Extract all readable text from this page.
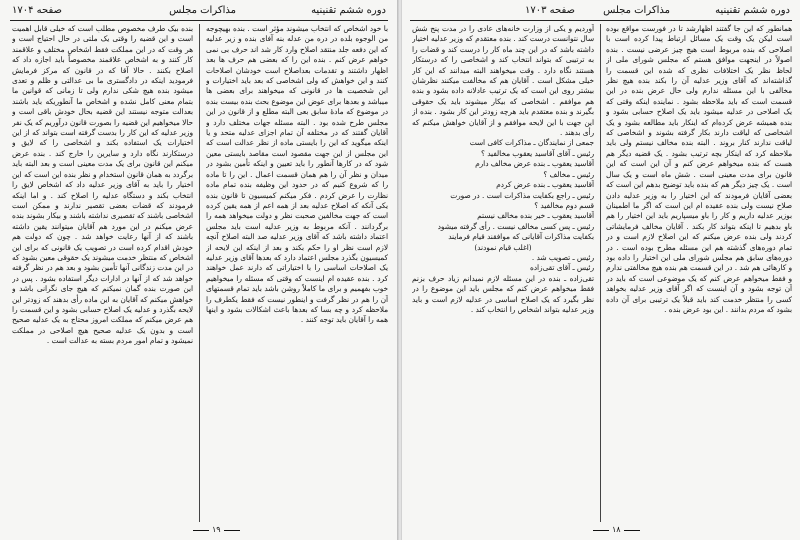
دوره ششم تقنینیه
مذاکرات مجلس
صفحه ۱۷۰۴

با خود اشخاص که انتخاب میشوند مؤثر است . بنده بهیچوجه من الوجوه بلده در دره من عدله بنه آفای بنده و زیر عدلیه که این دفعه جلد منتقد اصلاح وارد کار شد اند حرف بی نمی خواهم عرض کنم . بنده این را که بعضی هم حرف ها بعد اظهار داشتند و تقدمات بعداصلاح است خودشان اصلاحات کنند و این خواهش که ولی اشخاصی که بعد باید اختیارات و این شخصیت ها در قانونی که میخواهند برای بعضی ها میباشد و بعدها برای عوض این موضوع بحث بنده بیست بنده در موضوع که مادهٔ سابق بعی البته مطلع و از قانون در این مجلس طرح شده بود . البته مسئله جهات مختلف دارد و آقایان گفتند که در مختلفه آن تمام اجزای عدلیه متحد و یا اینکه میگوید که این را بایستی ماده از نظر عدالت است که این مجلس از این جهت مقصود است مقاصد بایستی معین شود که در کارها آنطور را باید تعیین و اینکه تأمین بشود در میدان و نظر آن را هم همان قسمت اعمال . این را تا ماده را که شروع کنیم که در حدود این وظیفه بنده تمام ماده نظارت را عرض کردم . فکر میکنم کمیسیون تا قانون بنده یکی آنکه که اصلاح عدلیه بعد از همه اعم از همه یقین کرده است که جهت مخالفین صحبت نظر و دولت میخواهد همه را برگردانند . آنکه مربوط به وزیر عدلیه است باید مجلس اعتماد داشته باشد که آقای وزیر عدلیه صد البته اصلاح آنچه لازم است نظر او را حکم بکند و بعد از اینکه این لایحه از کمیسیون بگذرد مجلس اعتماد دارد که بعدها آقای وزیر عدلیه یک اصلاحات اساسی را با اختیاراتی که دارند عمل خواهند کرد . بنده عقیده ام اینست که وقتی که مسئله را میخواهیم خوب بفهمیم و برای ما کاملاً روشن باشد باید تمام قسمتهای آن را هم در نظر گرفت و اینطور نیست که فقط یکطرف را ملاحظه کرد و چه بسا که بعدها باعث اشکالات بشود و اینها همه را آقایان باید توجه کنند .

بنده بیک طرف مخصوص مطلب است که خیلی قابل اهمیت است و این قضیه را وقتی یک ملتی در حال احتیاج است و هر وقت که در این مملکت فقط اشخاص مختلف و علاقمند کار کنند و به اشخاص علاقمند مخصوصاً باید اجازه داد که اصلاح بکنند . حالا آقا که در قانون که مرکز فرمایش فرمودید اینکه در دادگستری ما بی عدالتی و ظلم و تعدی میشود بنده هیچ شکی ندارم ولی تا زمانی که قوانین ما بتمام معنی کامل نشده و اشخاص ما آنطوریکه باید باشند بعدالت متوجه نیستند این قضیه بحال خودش باقی است و حالا میخواهیم این قضیه را بصورت قانون درآوریم که یک نفر وزیر عدلیه که این کار را بدست گرفته است بتواند که از این اختیارات یک استفاده بکند و اشخاصی را که لایق و درستکارند نگاه دارد و سایرین را خارج کند . بنده عرض میکنم این قانون برای یک مدت معینی است و بعد البته باید برگردد به همان قانون استخدام و نظر بنده این است که این اختیار را باید به آقای وزیر عدلیه داد که اشخاص لایق را انتخاب بکند و دستگاه عدلیه را اصلاح کند . و اما اینکه فرمودند که قضات بعضی تقصیر ندارند و ممکن است اشخاصی باشند که تقصیری نداشته باشند و بیکار بشوند بنده عرض میکنم در این مورد هم آقایان میتوانند یقین داشته باشند که از آنها رعایت خواهد شد . چون که دولت هم خودش اقدام کرده است در تصویب یک قانونی که برای این اشخاص که منتظر خدمت میشوند یک حقوقی معین بشود که در این مدت زندگانی آنها تأمین بشود و بعد هم در نظر گرفته خواهد شد که از آنها در ادارات دیگر استفاده بشود . پس در این صورت بنده گمان نمیکنم که هیچ جای نگرانی باشد و خواهش میکنم که آقایان به این ماده رأی بدهند که زودتر این لایحه بگذرد و عدلیه یک اصلاح حسابی بشود و این قسمت را هم عرض میکنم که مملکت امروز محتاج به یک عدلیه صحیح است و بدون یک عدلیه صحیح هیچ اصلاحی در مملکت نمیشود و تمام امور مردم بسته به عدالت است .

۱۹
دوره ششم تقنینیه
مذاکرات مجلس
صفحه ۱۷۰۳

همانطور که این جا گفتند اظهارشد تا در فورست مواقع بوده است لیکن یک وقت یک مسائل ارتباط پیدا کرده است با اصلاحی که بنده مربوط است هیچ چیز عرضی نیست . بنده اصولاً در اینجهت موافق هستم که مجلس شورای ملی از لحاظ نظر یک اختلافات نظری که شده این قسمت را گذاشته‌اند که آقای وزیر عدلیه آن را بکند بنده هیچ نظر مخالفی با این مسئله ندارم ولی حال عرض بنده در این قسمت است که باید ملاحظه بشود . نماینده اینکه وقتی که یک اصلاحی در عدلیه میشود باید یک اصلاح حسابی بشود و بنده همیشه عرض کرده‌ام که اینکار باید مطالعه بشود و یک اشخاصی که لیاقت دارند بکار گرفته بشوند و اشخاصی که لیاقت ندارند کنار بروند . البته بنده مخالف نیستم ولی باید ملاحظه کرد که اینکار بچه ترتیب بشود . یک قضیه دیگر هم هست که بنده میخواهم عرض کنم و آن این است که این قانون برای مدت معینی است . شش ماه است و یک سال است . یک چیز دیگر هم که بنده باید توضیح بدهم این است که بعضی آقایان فرمودند که این اختیار را به وزیر عدلیه دادن صلاح نیست ولی بنده عقیده ام این است که اگر ما اطمینان بوزیر عدلیه داریم و کار را باو میسپاریم باید این اختیار را هم باو بدهیم تا اینکه بتواند کار بکند . آقایان مخالف فرمایشاتی کردند ولی بنده عرض میکنم که این اصلاح لازم است و در تمام دوره‌های گذشته هم این مسئله مطرح بوده است . در دوره‌های سابق هم مجلس شورای ملی این اختیار را داده بود و کارهائی هم شد . در این قسمت هم بنده هیچ مخالفتی ندارم و فقط میخواهم عرض کنم که یک موضوعی است که باید در آن توجه بشود و آن اینست که اگر آقای وزیر عدلیه بخواهد کسی را منتظر خدمت کند باید قبلاً یک ترتیبی برای آن داده بشود که مردم بدانند . این بود عرض بنده .

آوردیم و یکی از وزارت خانه‌های عادی را در مدت پنج شش سال نتوانست درست کند . بنده معتقدم که وزیر عدلیه اختیار داشته باشد که در این چند ماه کار را درست کند و قضات را به ترتیبی که بتواند انتخاب کند و اشخاصی را که درستکار هستند نگاه دارد . وقت میخواهند البته میدانند که این کار خیلی مشکل است . آقایان هم که مخالفت میکنند نظرشان بیشتر روی این است که یک ترتیب عادلانه داده بشود و بنده هم موافقم . اشخاصی که بیکار میشوند باید یک حقوقی بگیرند و بنده معتقدم باید هرچه زودتر این کار بشود . بنده از این جهت با این لایحه موافقم و از آقایان خواهش میکنم که رأی بدهند .

جمعی از نمایندگان ـ مذاکرات کافی است

رئیس ـ آقای آقاسید یعقوب مخالفید ؟

آقاسید یعقوب ـ بنده عرض مخالف دارم

رئیس ـ مخالف ؟

آقاسید یعقوب ـ بنده عرض کردم

رئیس ـ راجع بکفایت مذاکرات است . در صورت

قسم دوم مخالفید ؟

آقاسید یعقوب ـ خیر بنده مخالف نیستم

رئیس ـ پس کسی مخالف نیست . رأی گرفته میشود

بکفایت مذاکرات آقایانی که موافقند قیام فرمایند

(اغلب قیام نمودند)

رئیس ـ تصویب شد .

رئیس ـ آقای تقی‌زاده

تقی‌زاده ـ بنده در این مسئله لازم نمیدانم زیاد حرف بزنم فقط میخواهم عرض کنم که مجلس باید این موضوع را در نظر بگیرد که یک اصلاح اساسی در عدلیه لازم است و باید وزیر عدلیه بتواند اشخاص را انتخاب کند .

۱۸
